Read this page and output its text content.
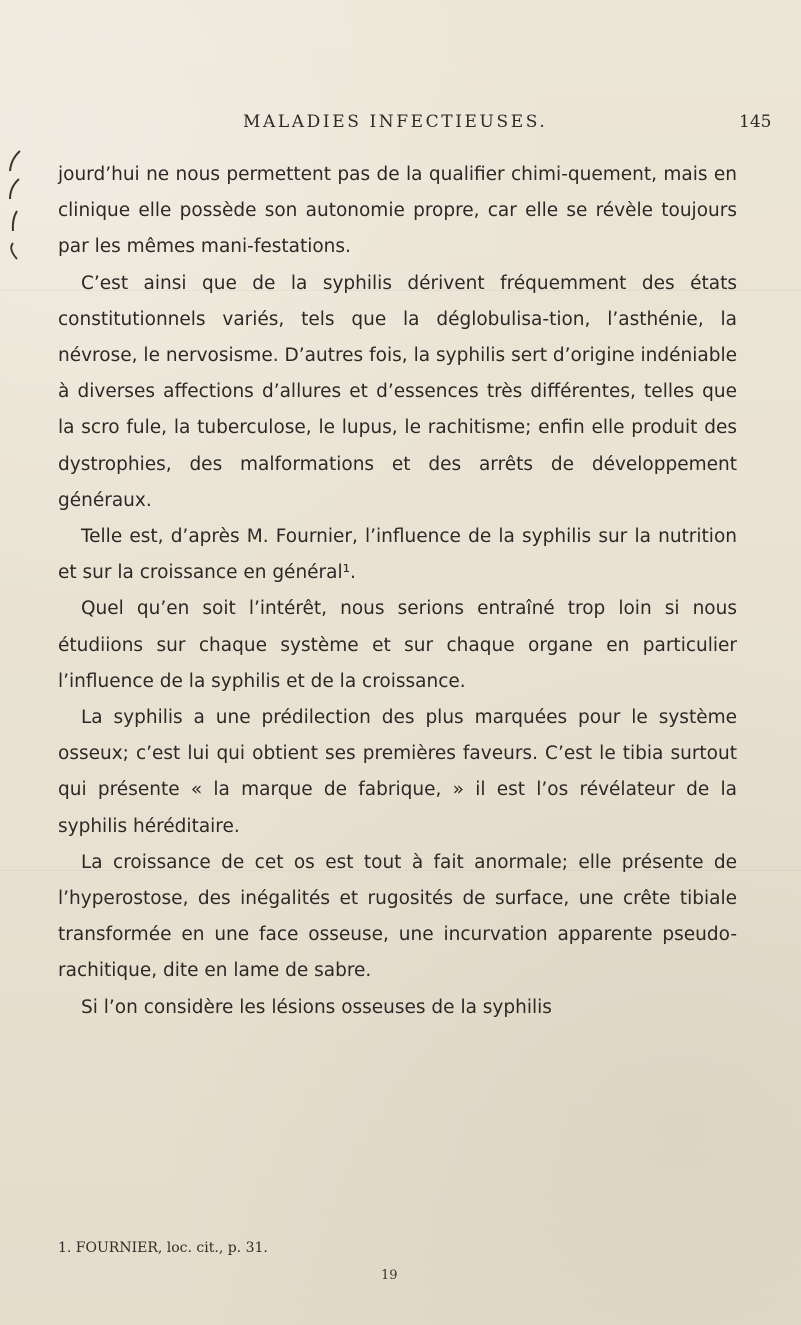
MALADIES INFECTIEUSES.	145

jourd’hui ne nous permettent pas de la qualifier chimi-quement, mais en clinique elle possède son autonomie propre, car elle se révèle toujours par les mêmes mani-festations.

C’est ainsi que de la syphilis dérivent fréquemment des états constitutionnels variés, tels que la déglobulisa-tion, l’asthénie, la névrose, le nervosisme. D’autres fois, la syphilis sert d’origine indéniable à diverses affections d’allures et d’essences très différentes, telles que la scro fule, la tuberculose, le lupus, le rachitisme; enfin elle produit des dystrophies, des malformations et des arrêts de développement généraux.

Telle est, d’après M. Fournier, l’influence de la syphilis sur la nutrition et sur la croissance en général¹.

Quel qu’en soit l’intérêt, nous serions entraîné trop loin si nous étudiions sur chaque système et sur chaque organe en particulier l’influence de la syphilis et de la croissance.

La syphilis a une prédilection des plus marquées pour le système osseux; c’est lui qui obtient ses premières faveurs. C’est le tibia surtout qui présente « la marque de fabrique, » il est l’os révélateur de la syphilis héréditaire.

La croissance de cet os est tout à fait anormale; elle présente de l’hyperostose, des inégalités et rugosités de surface, une crête tibiale transformée en une face osseuse, une incurvation apparente pseudo-rachitique, dite en lame de sabre.

Si l’on considère les lésions osseuses de la syphilis

1. FOURNIER, loc. cit., p. 31.
19
